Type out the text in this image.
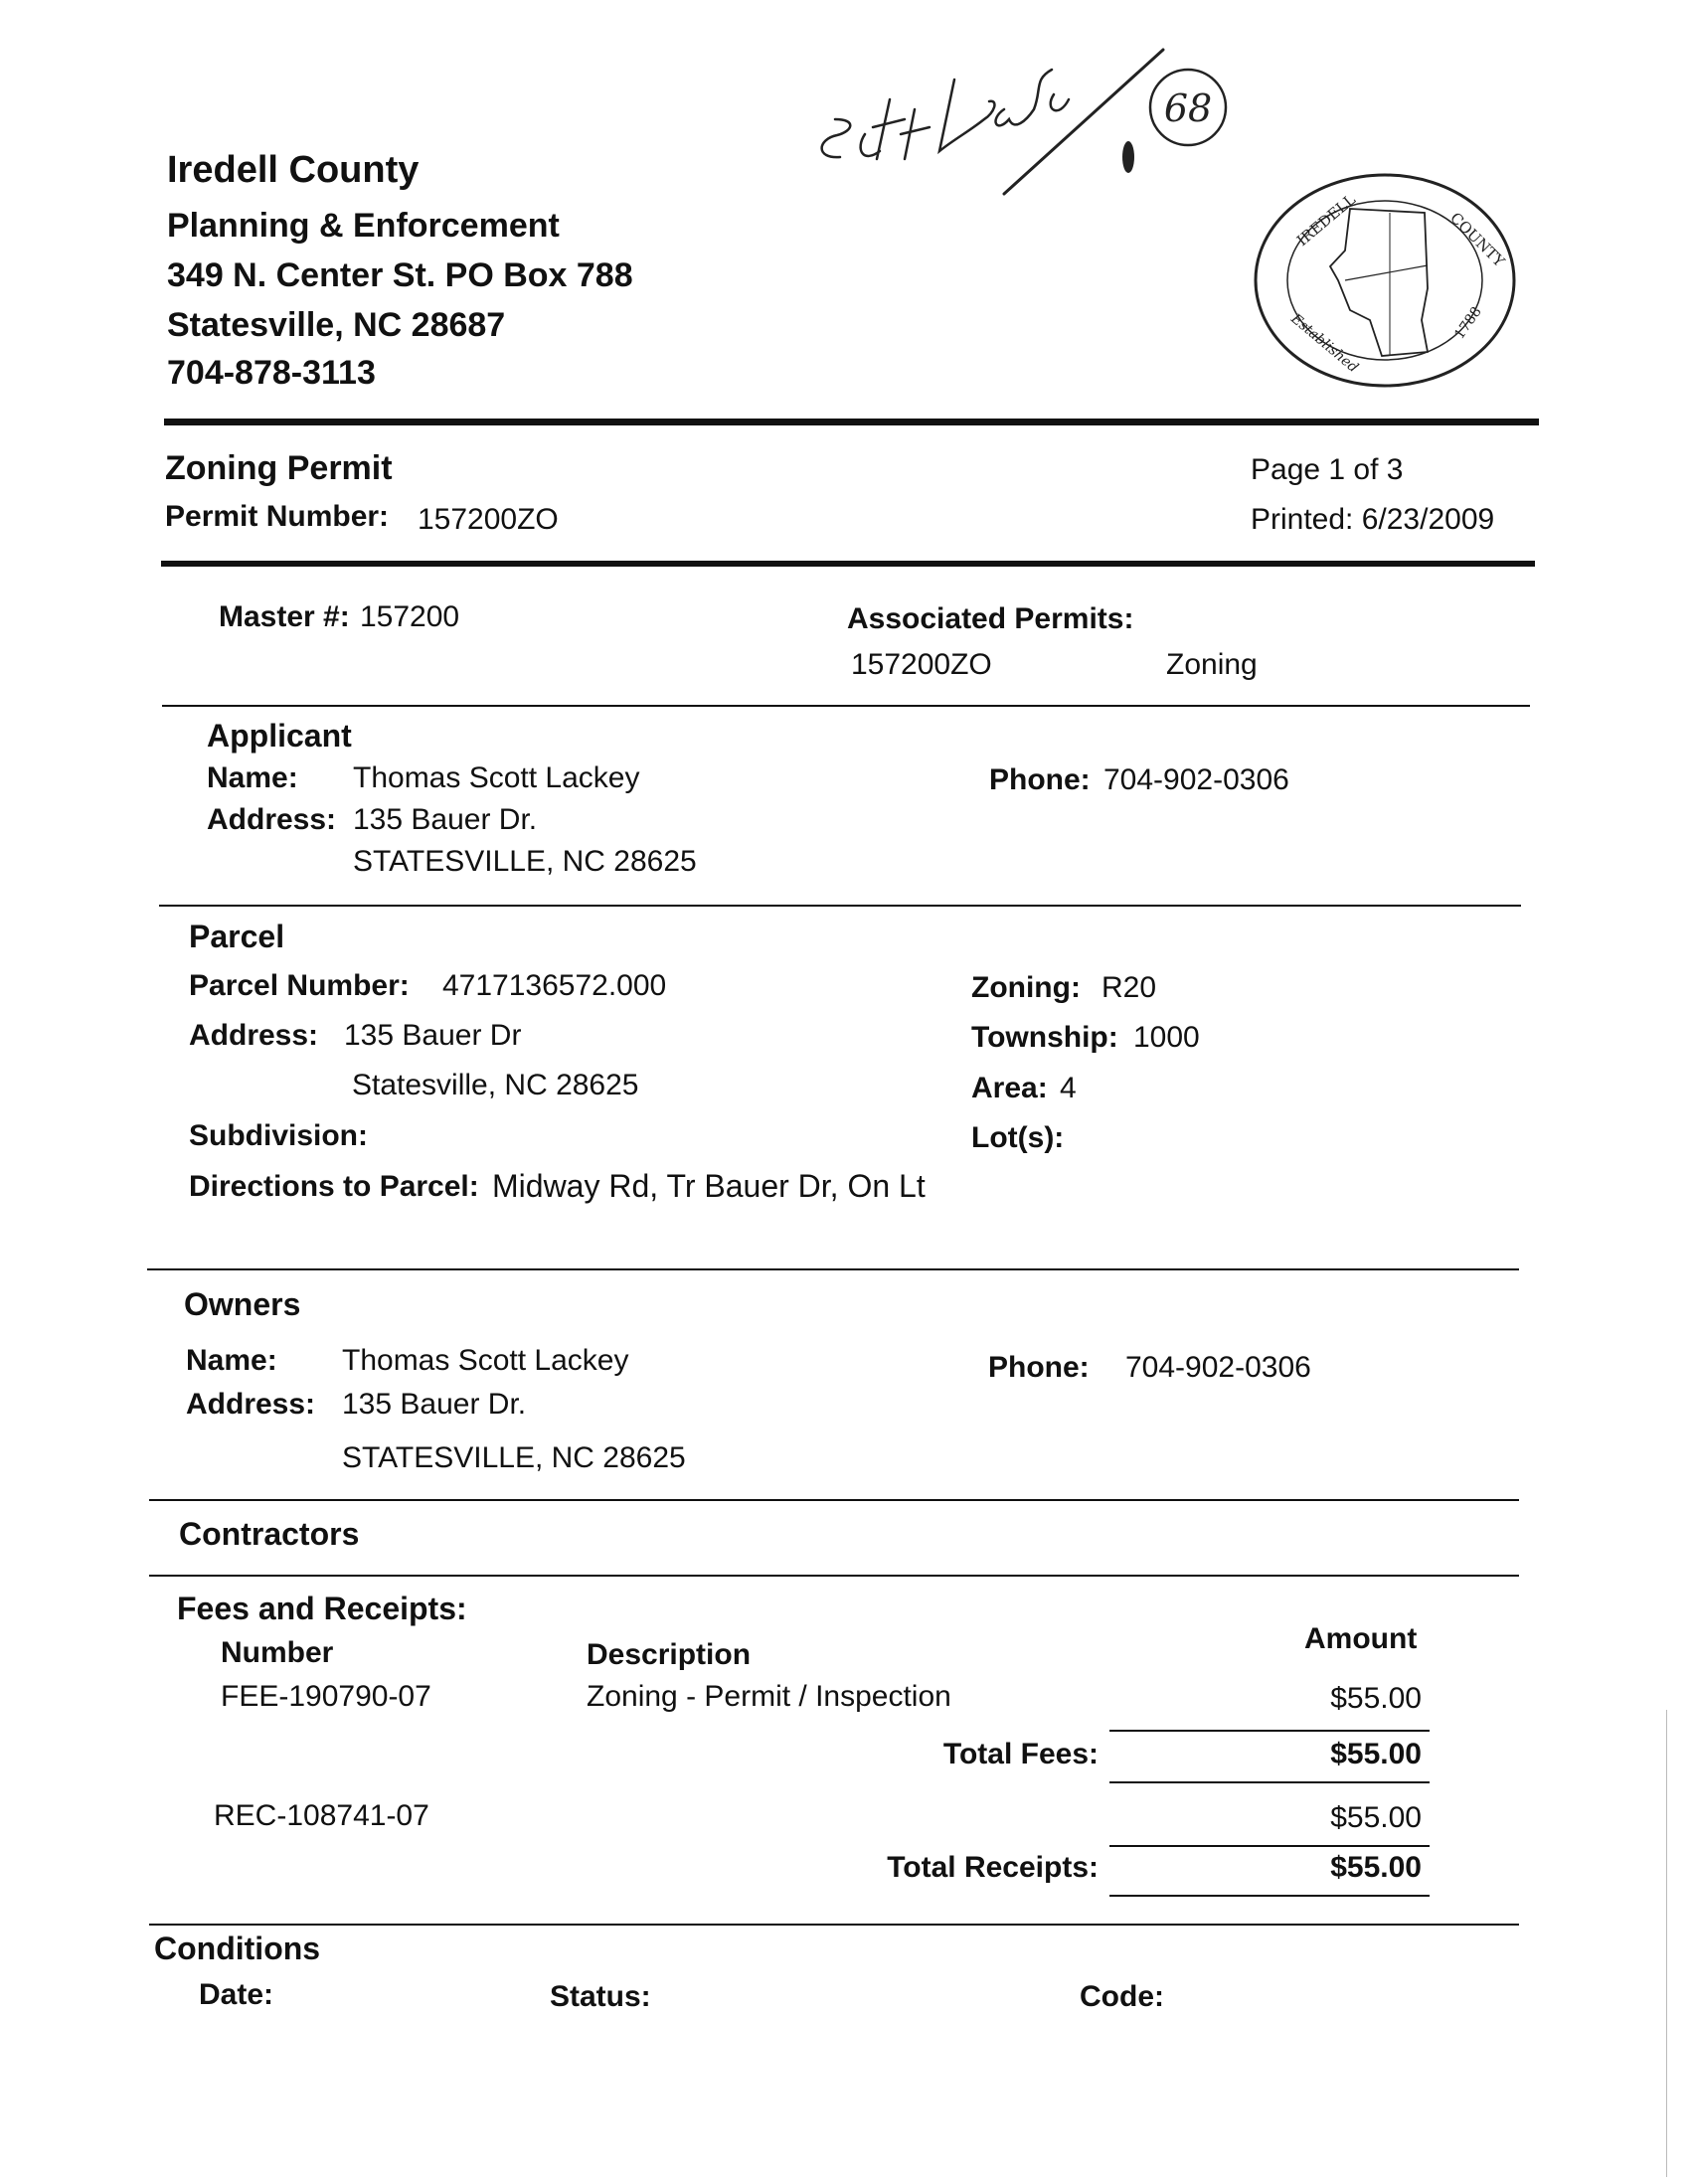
Iredell County
Planning & Enforcement
349 N. Center St. PO Box 788
Statesville, NC 28687
704-878-3113
68
IREDELL	COUNTY
Established	1788
Zoning Permit
Permit Number: 157200ZO
Page 1 of 3
Printed: 6/23/2009
Master #: 157200	Associated Permits:
157200ZO	Zoning
Applicant
Name: Thomas Scott Lackey
Address: 135 Bauer Dr.
STATESVILLE, NC 28625
Phone: 704-902-0306
Parcel
Parcel Number: 4717136572.000
Address: 135 Bauer Dr
Statesville, NC 28625
Subdivision:
Directions to Parcel: Midway Rd, Tr Bauer Dr, On Lt
Zoning: R20
Township: 1000
Area: 4
Lot(s):
Owners
Name: Thomas Scott Lackey
Address: 135 Bauer Dr.
STATESVILLE, NC 28625
Phone: 704-902-0306
Contractors
Fees and Receipts:
Number	Description	Amount
FEE-190790-07	Zoning - Permit / Inspection	$55.00
Total Fees:	$55.00
REC-108741-07	$55.00
Total Receipts:	$55.00
Conditions
Date:	Status:	Code:
